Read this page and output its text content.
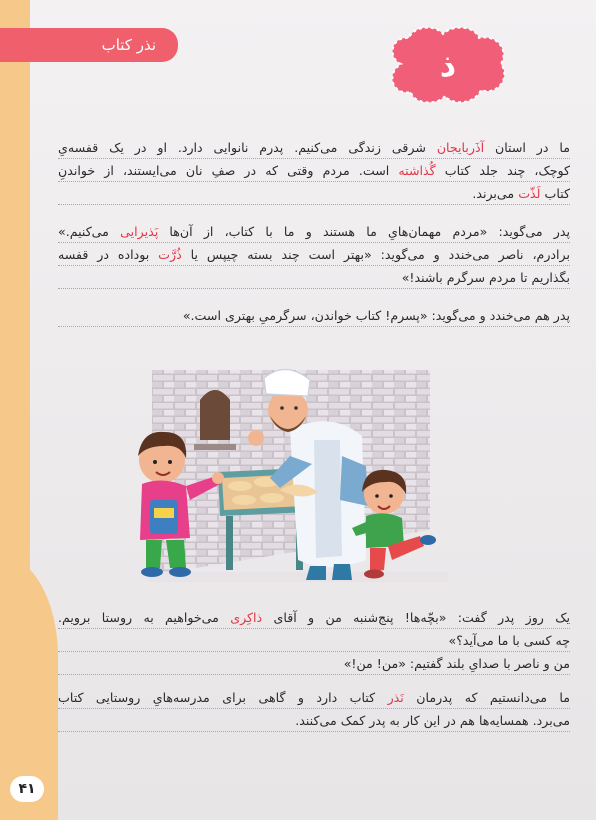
نذر کتاب
ذ
ما در استان آذَربایجان شرقی زندگی می‌کنیم. پدرم نانوایی دارد. او در یک قفسه‌یِ
کوچک، چند جلد کتاب گُذاشته است. مردم وقتی که در صفِ نان می‌ایستند، از خواندنِ
کتاب لَذّت می‌برند.
پدر می‌گوید: «مردم مهمان‌هایِ ما هستند و ما با کتاب، از آن‌ها پَذیرایی می‌کنیم.»
برادرم، ناصر می‌خندد و می‌گوید: «بهتر است چند بسته چیپس یا ذُرَّت بوداده در قفسه
بگذاریم تا مردم سرگرم باشند!»
پدر هم می‌خندد و می‌گوید: «پسرم! کتاب خواندن، سرگرمیِ بهتری است.»
یک روز پدر گفت: «بچّه‌ها! پنج‌شنبه من و آقای ذاکِری می‌خواهیم به روستا برویم.
چه کسی با ما می‌آید؟»
من و ناصر با صدایِ بلند گفتیم: «من! من!»
ما می‌دانستیم که پدرمان نَذر کتاب دارد و گاهی برای مدرسه‌هایِ روستایی کتاب
می‌برد. همسایه‌ها هم در این کار به پدر کمک می‌کنند.
۴۱
